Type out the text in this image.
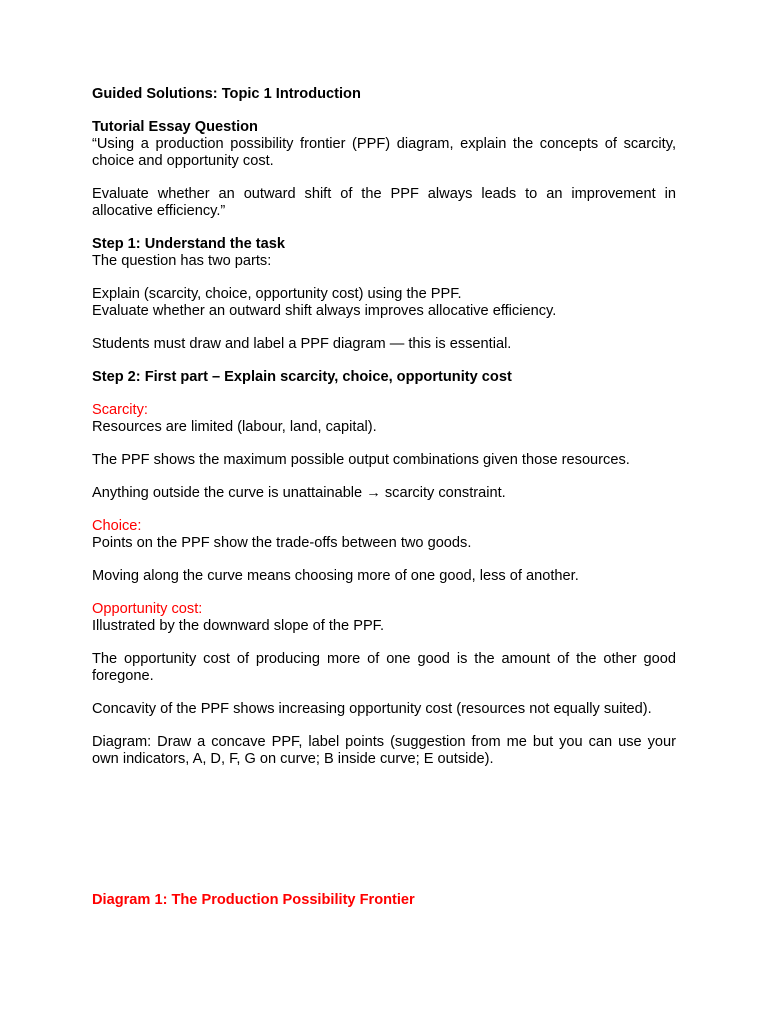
Guided Solutions: Topic 1 Introduction

Tutorial Essay Question

“Using a production possibility frontier (PPF) diagram, explain the concepts of scarcity, choice and opportunity cost.

Evaluate whether an outward shift of the PPF always leads to an improvement in allocative efficiency.”

Step 1: Understand the task

The question has two parts:

Explain (scarcity, choice, opportunity cost) using the PPF.

Evaluate whether an outward shift always improves allocative efficiency.

Students must draw and label a PPF diagram — this is essential.

Step 2: First part – Explain scarcity, choice, opportunity cost

Scarcity:

Resources are limited (labour, land, capital).

The PPF shows the maximum possible output combinations given those resources.

Anything outside the curve is unattainable → scarcity constraint.

Choice:

Points on the PPF show the trade-offs between two goods.

Moving along the curve means choosing more of one good, less of another.

Opportunity cost:

Illustrated by the downward slope of the PPF.

The opportunity cost of producing more of one good is the amount of the other good foregone.

Concavity of the PPF shows increasing opportunity cost (resources not equally suited).

Diagram: Draw a concave PPF, label points (suggestion from me but you can use your own indicators, A, D, F, G on curve; B inside curve; E outside).

Diagram 1: The Production Possibility Frontier
